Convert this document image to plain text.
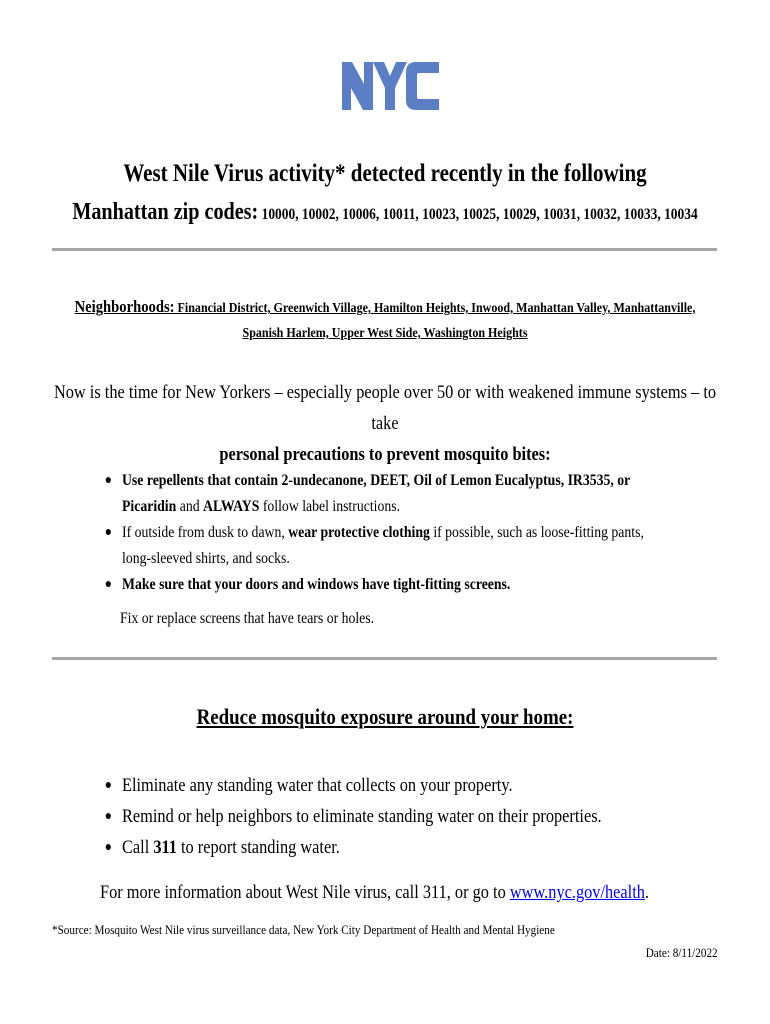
West Nile Virus activity* detected recently in the following
Manhattan zip codes: 10000, 10002, 10006, 10011, 10023, 10025, 10029, 10031, 10032, 10033, 10034
Neighborhoods: Financial District, Greenwich Village, Hamilton Heights, Inwood, Manhattan Valley, Manhattanville, Spanish Harlem, Upper West Side, Washington Heights
Now is the time for New Yorkers – especially people over 50 or with weakened immune systems – to take
personal precautions to prevent mosquito bites:
● Use repellents that contain 2-undecanone, DEET, Oil of Lemon Eucalyptus, IR3535, or Picaridin and ALWAYS follow label instructions.
● If outside from dusk to dawn, wear protective clothing if possible, such as loose-fitting pants, long-sleeved shirts, and socks.
● Make sure that your doors and windows have tight-fitting screens.
Fix or replace screens that have tears or holes.
Reduce mosquito exposure around your home:
● Eliminate any standing water that collects on your property.
● Remind or help neighbors to eliminate standing water on their properties.
● Call 311 to report standing water.
For more information about West Nile virus, call 311, or go to www.nyc.gov/health.
*Source: Mosquito West Nile virus surveillance data, New York City Department of Health and Mental Hygiene
Date: 8/11/2022
